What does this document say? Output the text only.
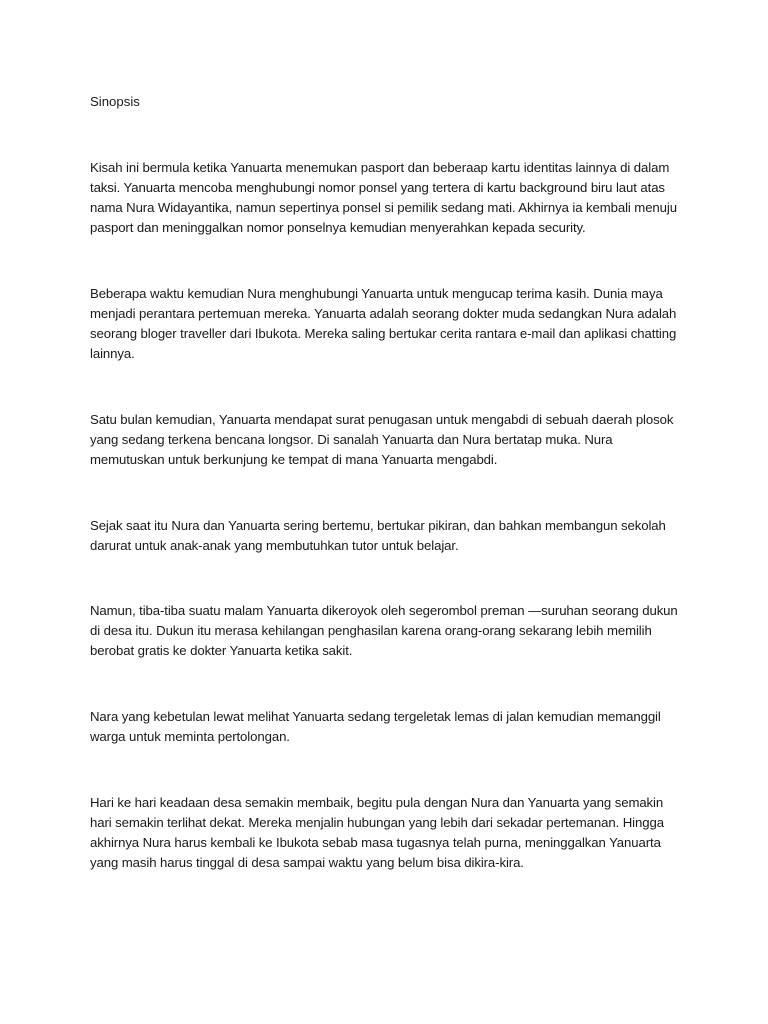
Sinopsis

Kisah ini bermula ketika Yanuarta menemukan pasport dan beberaap kartu identitas lainnya di dalam taksi. Yanuarta mencoba menghubungi nomor ponsel yang tertera di kartu background biru laut atas nama Nura Widayantika, namun sepertinya ponsel si pemilik sedang mati. Akhirnya ia kembali menuju pasport dan meninggalkan nomor ponselnya kemudian menyerahkan kepada security.

Beberapa waktu kemudian Nura menghubungi Yanuarta untuk mengucap terima kasih. Dunia maya menjadi perantara pertemuan mereka. Yanuarta adalah seorang dokter muda sedangkan Nura adalah seorang bloger traveller dari Ibukota. Mereka saling bertukar cerita rantara e-mail dan aplikasi chatting lainnya.

Satu bulan kemudian, Yanuarta mendapat surat penugasan untuk mengabdi di sebuah daerah plosok yang sedang terkena bencana longsor. Di sanalah Yanuarta dan Nura bertatap muka. Nura memutuskan untuk berkunjung ke tempat di mana Yanuarta mengabdi.

Sejak saat itu Nura dan Yanuarta sering bertemu, bertukar pikiran, dan bahkan membangun sekolah darurat untuk anak-anak yang membutuhkan tutor untuk belajar.

Namun, tiba-tiba suatu malam Yanuarta dikeroyok oleh segerombol preman —suruhan seorang dukun di desa itu. Dukun itu merasa kehilangan penghasilan karena orang-orang sekarang lebih memilih berobat gratis ke dokter Yanuarta ketika sakit.

Nara yang kebetulan lewat melihat Yanuarta sedang tergeletak lemas di jalan kemudian memanggil warga untuk meminta pertolongan.

Hari ke hari keadaan desa semakin membaik, begitu pula dengan Nura dan Yanuarta yang semakin hari semakin terlihat dekat. Mereka menjalin hubungan yang lebih dari sekadar pertemanan. Hingga akhirnya Nura harus kembali ke Ibukota sebab masa tugasnya telah purna, meninggalkan Yanuarta yang masih harus tinggal di desa sampai waktu yang belum bisa dikira-kira.
